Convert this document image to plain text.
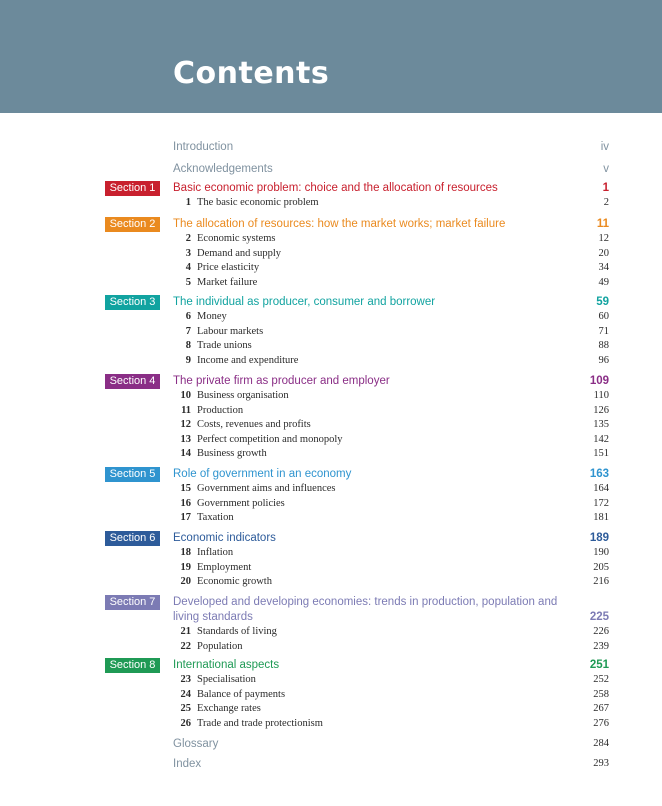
Contents
Introduction	iv
Acknowledgements	v
Section 1	Basic economic problem: choice and the allocation of resources	1
1 The basic economic problem	2
Section 2	The allocation of resources: how the market works; market failure	11
2 Economic systems	12
3 Demand and supply	20
4 Price elasticity	34
5 Market failure	49
Section 3	The individual as producer, consumer and borrower	59
6 Money	60
7 Labour markets	71
8 Trade unions	88
9 Income and expenditure	96
Section 4	The private firm as producer and employer	109
10 Business organisation	110
11 Production	126
12 Costs, revenues and profits	135
13 Perfect competition and monopoly	142
14 Business growth	151
Section 5	Role of government in an economy	163
15 Government aims and influences	164
16 Government policies	172
17 Taxation	181
Section 6	Economic indicators	189
18 Inflation	190
19 Employment	205
20 Economic growth	216
Section 7	Developed and developing economies: trends in production, population and living standards	225
21 Standards of living	226
22 Population	239
Section 8	International aspects	251
23 Specialisation	252
24 Balance of payments	258
25 Exchange rates	267
26 Trade and trade protectionism	276
Glossary	284
Index	293
